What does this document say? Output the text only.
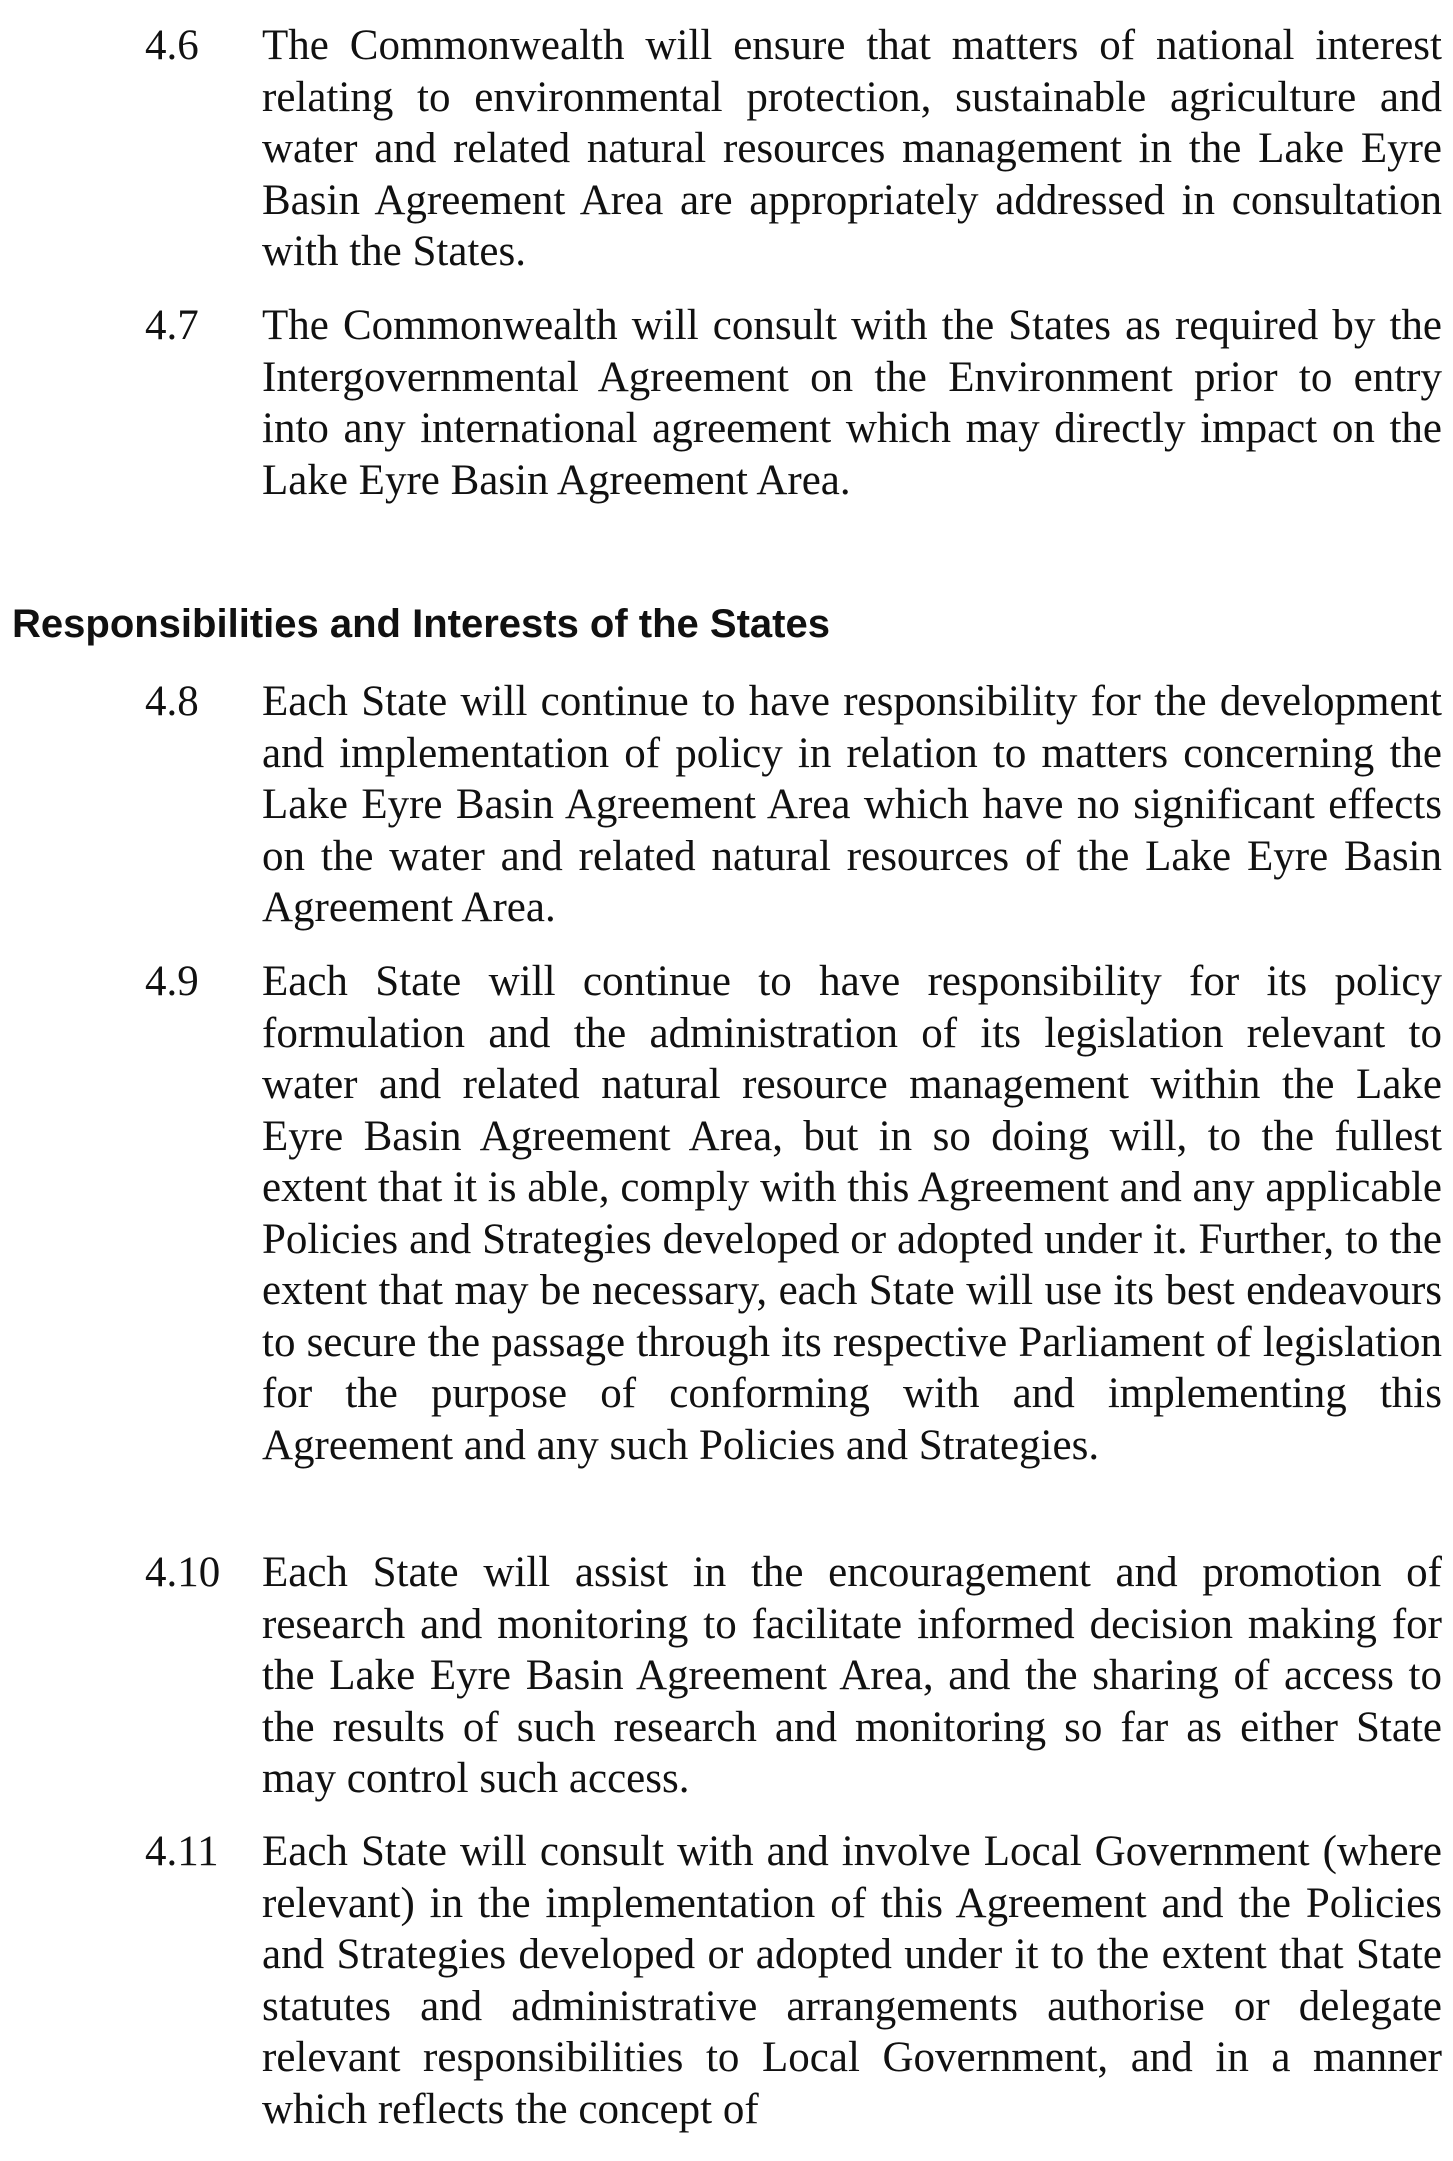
4.6 The Commonwealth will ensure that matters of national interest relating to environmental protection, sustainable agriculture and water and related natural resources management in the Lake Eyre Basin Agreement Area are appropriately addressed in consultation with the States.
4.7 The Commonwealth will consult with the States as required by the Intergovernmental Agreement on the Environment prior to entry into any international agreement which may directly impact on the Lake Eyre Basin Agreement Area.
Responsibilities and Interests of the States
4.8 Each State will continue to have responsibility for the development and implementation of policy in relation to matters concerning the Lake Eyre Basin Agreement Area which have no significant effects on the water and related natural resources of the Lake Eyre Basin Agreement Area.
4.9 Each State will continue to have responsibility for its policy formulation and the administration of its legislation relevant to water and related natural resource management within the Lake Eyre Basin Agreement Area, but in so doing will, to the fullest extent that it is able, comply with this Agreement and any applicable Policies and Strategies developed or adopted under it. Further, to the extent that may be necessary, each State will use its best endeavours to secure the passage through its respective Parliament of legislation for the purpose of conforming with and implementing this Agreement and any such Policies and Strategies.
4.10 Each State will assist in the encouragement and promotion of research and monitoring to facilitate informed decision making for the Lake Eyre Basin Agreement Area, and the sharing of access to the results of such research and monitoring so far as either State may control such access.
4.11 Each State will consult with and involve Local Government (where relevant) in the implementation of this Agreement and the Policies and Strategies developed or adopted under it to the extent that State statutes and administrative arrangements authorise or delegate relevant responsibilities to Local Government, and in a manner which reflects the concept of
